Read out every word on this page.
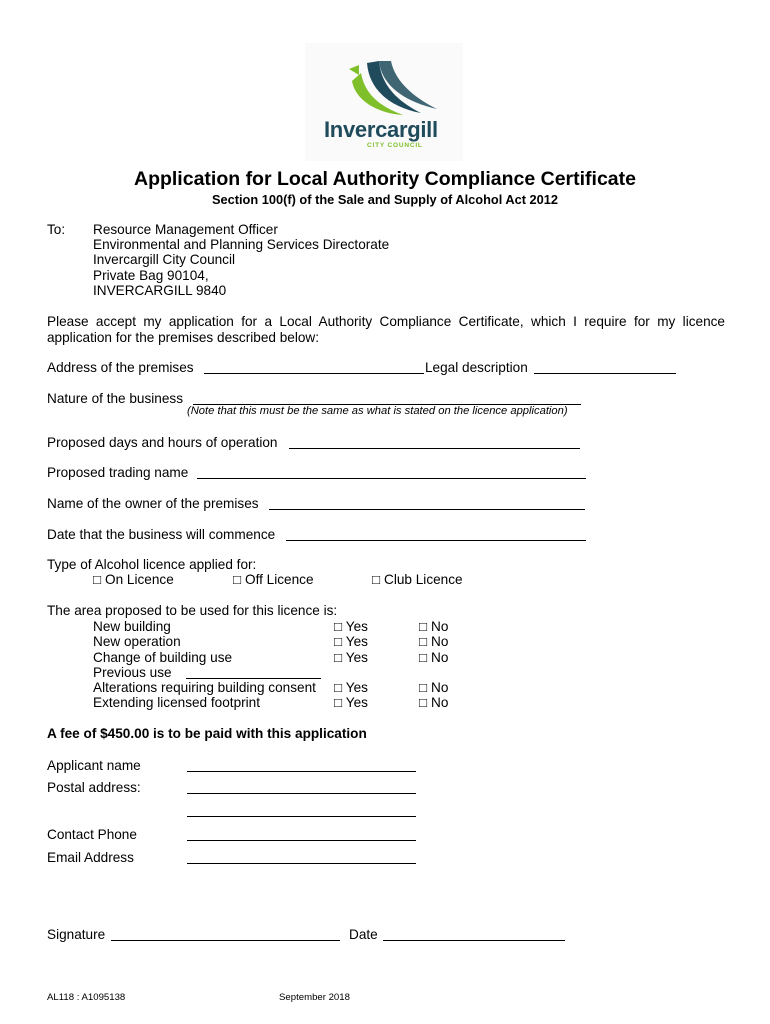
Invercargill
CITY COUNCIL
Application for Local Authority Compliance Certificate
Section 100(f) of the Sale and Supply of Alcohol Act 2012
To: Resource Management Officer
Environmental and Planning Services Directorate
Invercargill City Council
Private Bag 90104,
INVERCARGILL 9840
Please accept my application for a Local Authority Compliance Certificate, which I require for my licence application for the premises described below:
Address of the premises	Legal description
Nature of the business
(Note that this must be the same as what is stated on the licence application)
Proposed days and hours of operation
Proposed trading name
Name of the owner of the premises
Date that the business will commence
Type of Alcohol licence applied for:
□ On Licence	□ Off Licence	□ Club Licence
The area proposed to be used for this licence is:
New building	□ Yes	□ No
New operation	□ Yes	□ No
Change of building use	□ Yes	□ No
Previous use
Alterations requiring building consent □ Yes	□ No
Extending licensed footprint	□ Yes	□ No
A fee of $450.00 is to be paid with this application
Applicant name
Postal address:
Contact Phone
Email Address
Signature	Date
AL118 : A1095138	September 2018
